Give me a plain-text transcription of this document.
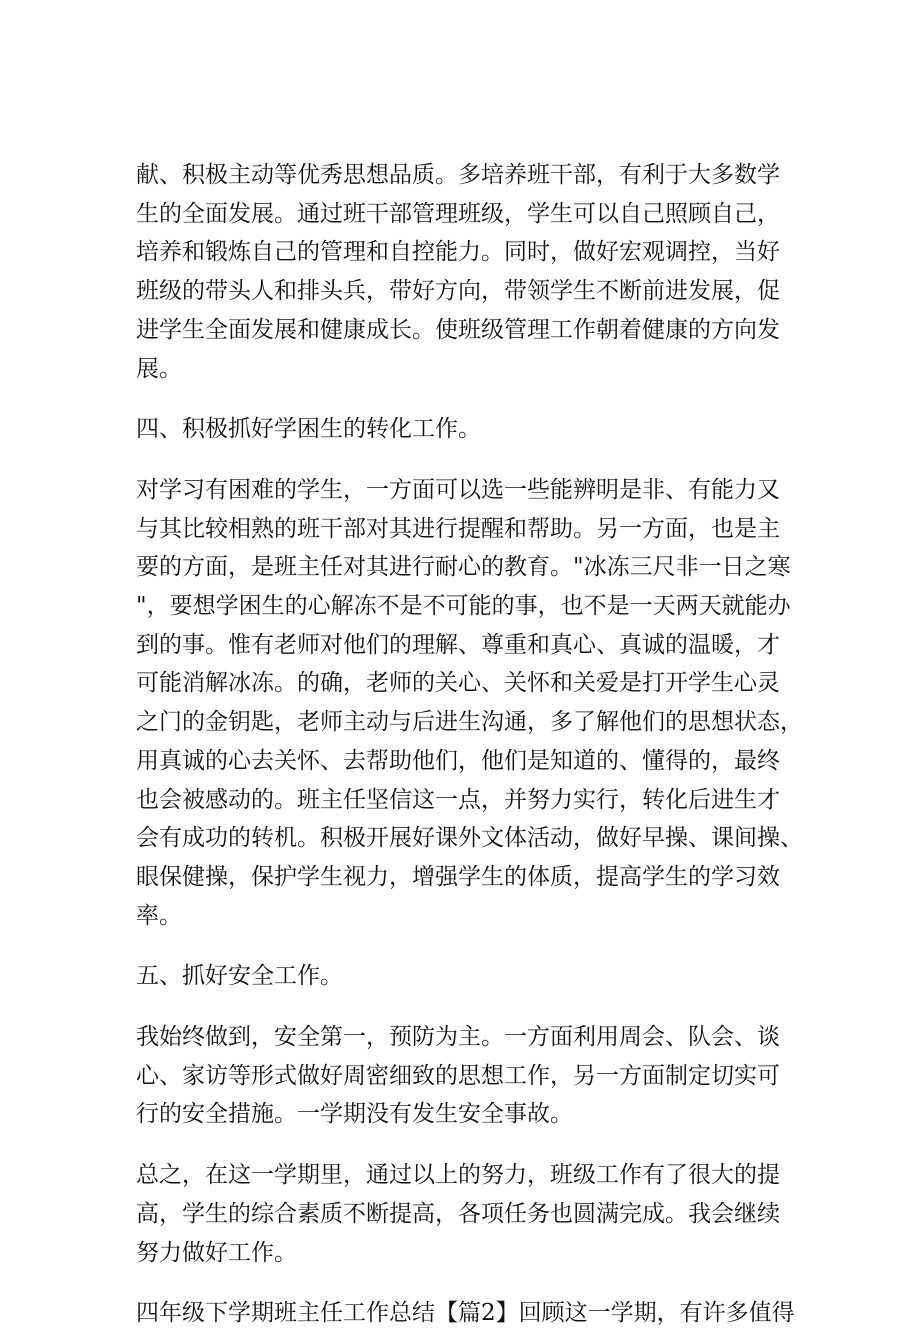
献、积极主动等优秀思想品质。多培养班干部，有利于大多数学
生的全面发展。通过班干部管理班级，学生可以自己照顾自己，
培养和锻炼自己的管理和自控能力。同时，做好宏观调控，当好
班级的带头人和排头兵，带好方向，带领学生不断前进发展，促
进学生全面发展和健康成长。使班级管理工作朝着健康的方向发
展。

四、积极抓好学困生的转化工作。

对学习有困难的学生，一方面可以选一些能辨明是非、有能力又
与其比较相熟的班干部对其进行提醒和帮助。另一方面，也是主
要的方面，是班主任对其进行耐心的教育。"冰冻三尺非一日之寒
"，要想学困生的心解冻不是不可能的事，也不是一天两天就能办
到的事。惟有老师对他们的理解、尊重和真心、真诚的温暖，才
可能消解冰冻。的确，老师的关心、关怀和关爱是打开学生心灵
之门的金钥匙，老师主动与后进生沟通，多了解他们的思想状态，
用真诚的心去关怀、去帮助他们，他们是知道的、懂得的，最终
也会被感动的。班主任坚信这一点，并努力实行，转化后进生才
会有成功的转机。积极开展好课外文体活动，做好早操、课间操、
眼保健操，保护学生视力，增强学生的体质，提高学生的学习效
率。

五、抓好安全工作。

我始终做到，安全第一，预防为主。一方面利用周会、队会、谈
心、家访等形式做好周密细致的思想工作，另一方面制定切实可
行的安全措施。一学期没有发生安全事故。

总之，在这一学期里，通过以上的努力，班级工作有了很大的提
高，学生的综合素质不断提高，各项任务也圆满完成。我会继续
努力做好工作。

四年级下学期班主任工作总结【篇2】回顾这一学期，有许多值得
